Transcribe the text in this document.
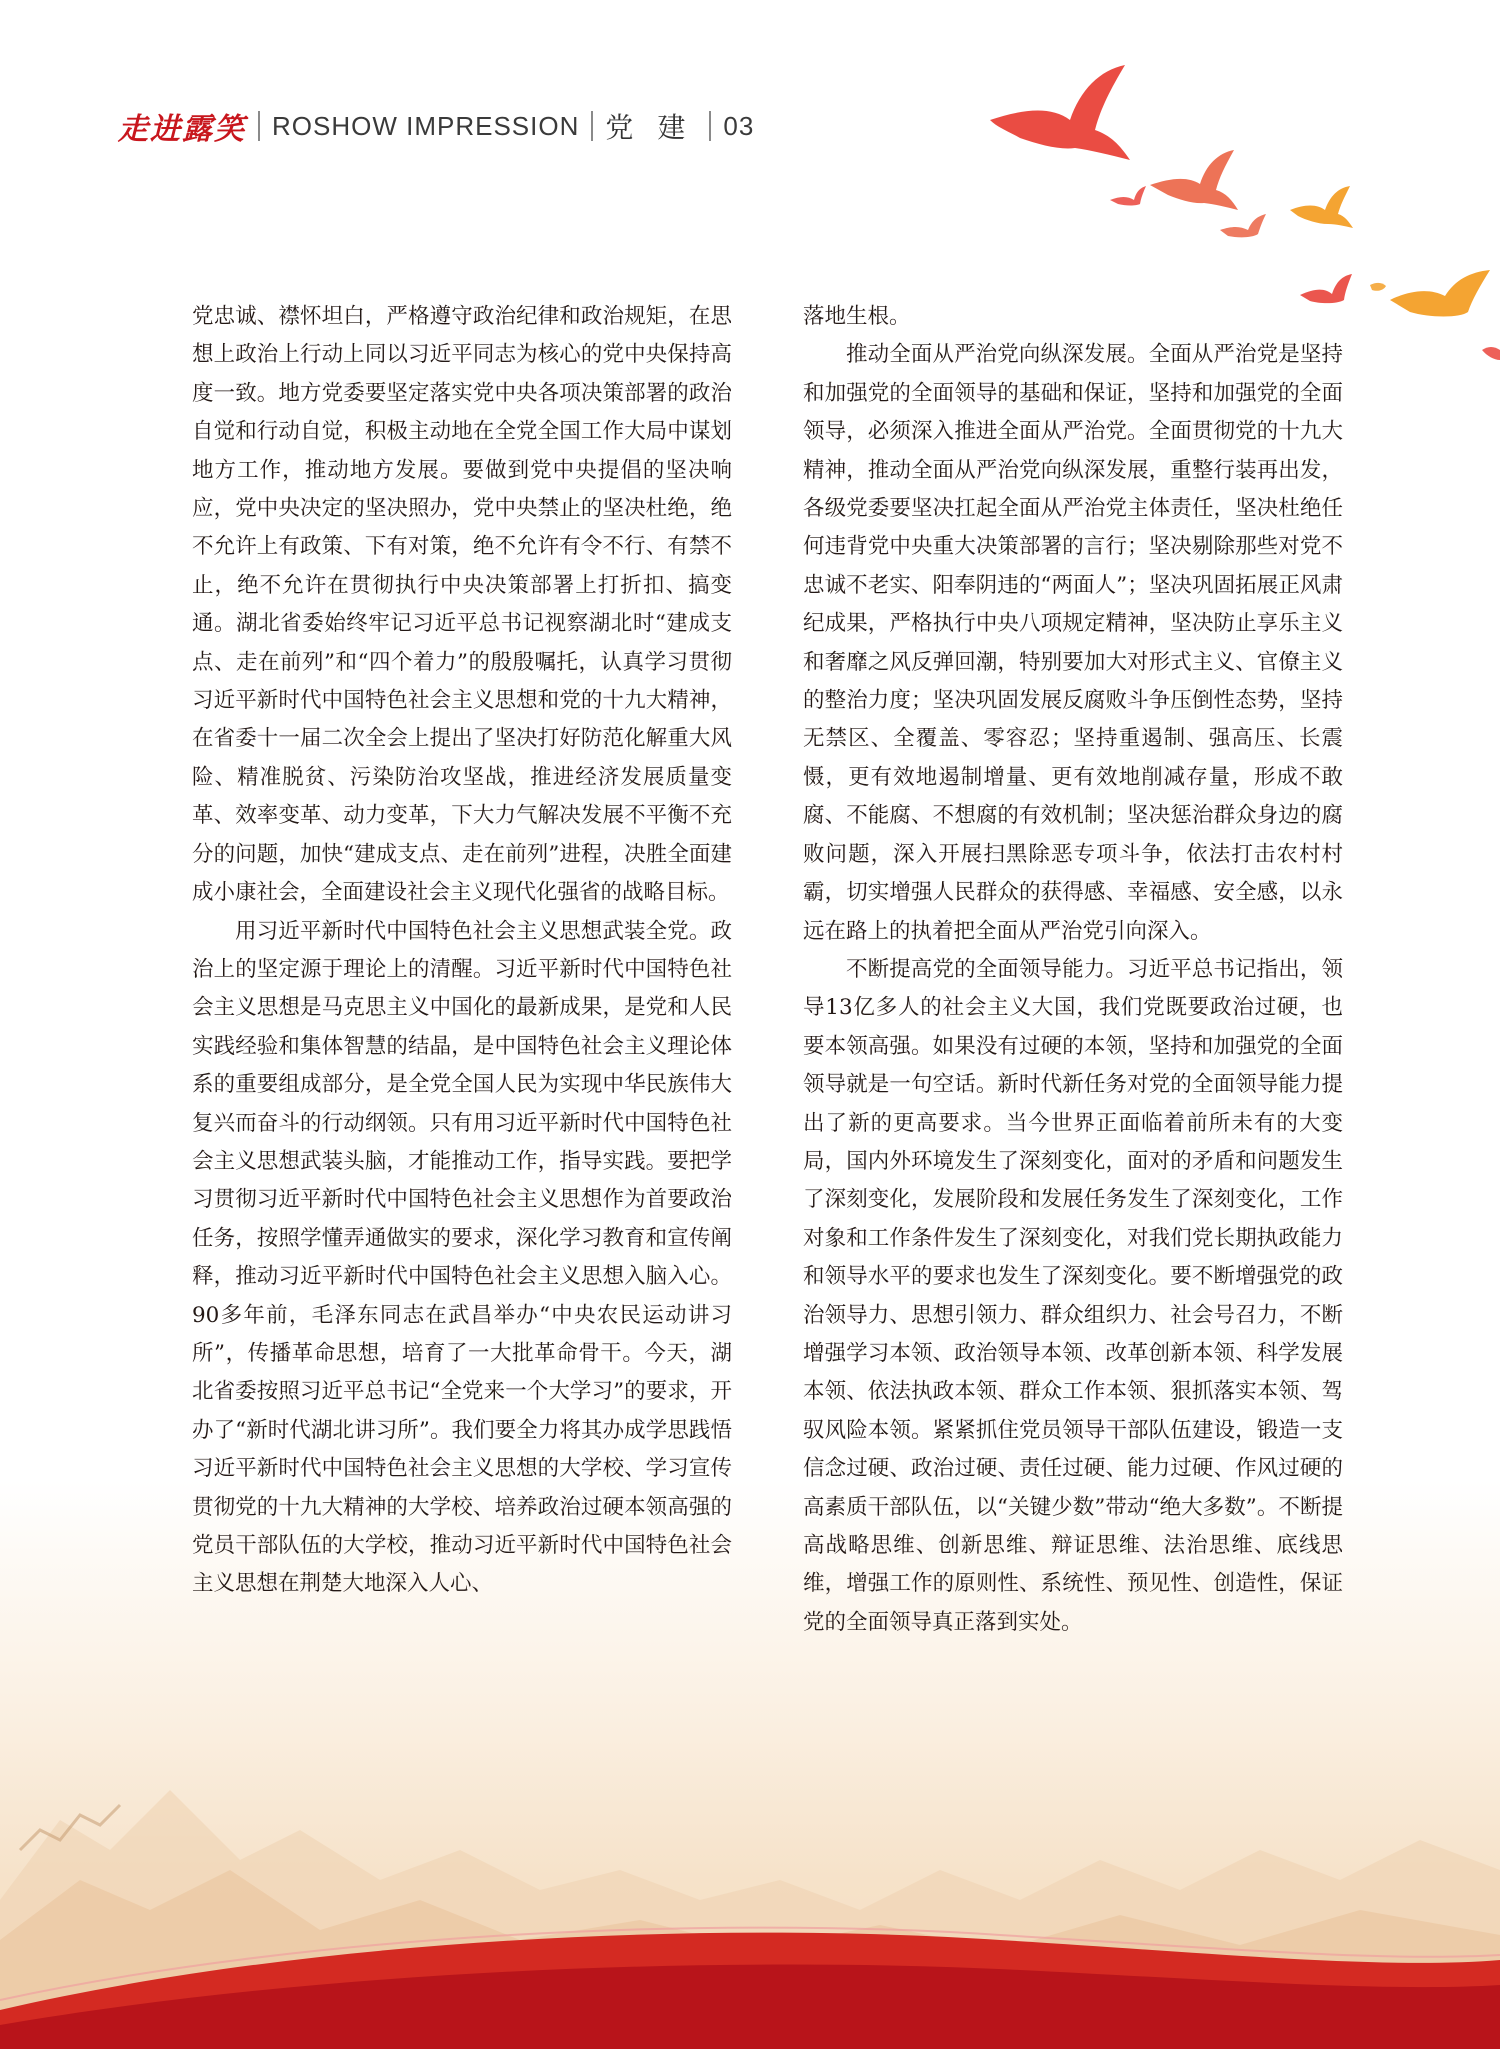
走进露笑 ROSHOW IMPRESSION 党建 03

党忠诚、襟怀坦白，严格遵守政治纪律和政治规矩，在思想上政治上行动上同以习近平同志为核心的党中央保持高度一致。地方党委要坚定落实党中央各项决策部署的政治自觉和行动自觉，积极主动地在全党全国工作大局中谋划地方工作，推动地方发展。要做到党中央提倡的坚决响应，党中央决定的坚决照办，党中央禁止的坚决杜绝，绝不允许上有政策、下有对策，绝不允许有令不行、有禁不止，绝不允许在贯彻执行中央决策部署上打折扣、搞变通。湖北省委始终牢记习近平总书记视察湖北时“建成支点、走在前列”和“四个着力”的殷殷嘱托，认真学习贯彻习近平新时代中国特色社会主义思想和党的十九大精神，在省委十一届二次全会上提出了坚决打好防范化解重大风险、精准脱贫、污染防治攻坚战，推进经济发展质量变革、效率变革、动力变革，下大力气解决发展不平衡不充分的问题，加快“建成支点、走在前列”进程，决胜全面建成小康社会，全面建设社会主义现代化强省的战略目标。

用习近平新时代中国特色社会主义思想武装全党。政治上的坚定源于理论上的清醒。习近平新时代中国特色社会主义思想是马克思主义中国化的最新成果，是党和人民实践经验和集体智慧的结晶，是中国特色社会主义理论体系的重要组成部分，是全党全国人民为实现中华民族伟大复兴而奋斗的行动纲领。只有用习近平新时代中国特色社会主义思想武装头脑，才能推动工作，指导实践。要把学习贯彻习近平新时代中国特色社会主义思想作为首要政治任务，按照学懂弄通做实的要求，深化学习教育和宣传阐释，推动习近平新时代中国特色社会主义思想入脑入心。90多年前，毛泽东同志在武昌举办“中央农民运动讲习所”，传播革命思想，培育了一大批革命骨干。今天，湖北省委按照习近平总书记“全党来一个大学习”的要求，开办了“新时代湖北讲习所”。我们要全力将其办成学思践悟习近平新时代中国特色社会主义思想的大学校、学习宣传贯彻党的十九大精神的大学校、培养政治过硬本领高强的党员干部队伍的大学校，推动习近平新时代中国特色社会主义思想在荆楚大地深入人心、

落地生根。

推动全面从严治党向纵深发展。全面从严治党是坚持和加强党的全面领导的基础和保证，坚持和加强党的全面领导，必须深入推进全面从严治党。全面贯彻党的十九大精神，推动全面从严治党向纵深发展，重整行装再出发，各级党委要坚决扛起全面从严治党主体责任，坚决杜绝任何违背党中央重大决策部署的言行；坚决剔除那些对党不忠诚不老实、阳奉阴违的“两面人”；坚决巩固拓展正风肃纪成果，严格执行中央八项规定精神，坚决防止享乐主义和奢靡之风反弹回潮，特别要加大对形式主义、官僚主义的整治力度；坚决巩固发展反腐败斗争压倒性态势，坚持无禁区、全覆盖、零容忍；坚持重遏制、强高压、长震慑，更有效地遏制增量、更有效地削减存量，形成不敢腐、不能腐、不想腐的有效机制；坚决惩治群众身边的腐败问题，深入开展扫黑除恶专项斗争，依法打击农村村霸，切实增强人民群众的获得感、幸福感、安全感，以永远在路上的执着把全面从严治党引向深入。

不断提高党的全面领导能力。习近平总书记指出，领导13亿多人的社会主义大国，我们党既要政治过硬，也要本领高强。如果没有过硬的本领，坚持和加强党的全面领导就是一句空话。新时代新任务对党的全面领导能力提出了新的更高要求。当今世界正面临着前所未有的大变局，国内外环境发生了深刻变化，面对的矛盾和问题发生了深刻变化，发展阶段和发展任务发生了深刻变化，工作对象和工作条件发生了深刻变化，对我们党长期执政能力和领导水平的要求也发生了深刻变化。要不断增强党的政治领导力、思想引领力、群众组织力、社会号召力，不断增强学习本领、政治领导本领、改革创新本领、科学发展本领、依法执政本领、群众工作本领、狠抓落实本领、驾驭风险本领。紧紧抓住党员领导干部队伍建设，锻造一支信念过硬、政治过硬、责任过硬、能力过硬、作风过硬的高素质干部队伍，以“关键少数”带动“绝大多数”。不断提高战略思维、创新思维、辩证思维、法治思维、底线思维，增强工作的原则性、系统性、预见性、创造性，保证党的全面领导真正落到实处。
